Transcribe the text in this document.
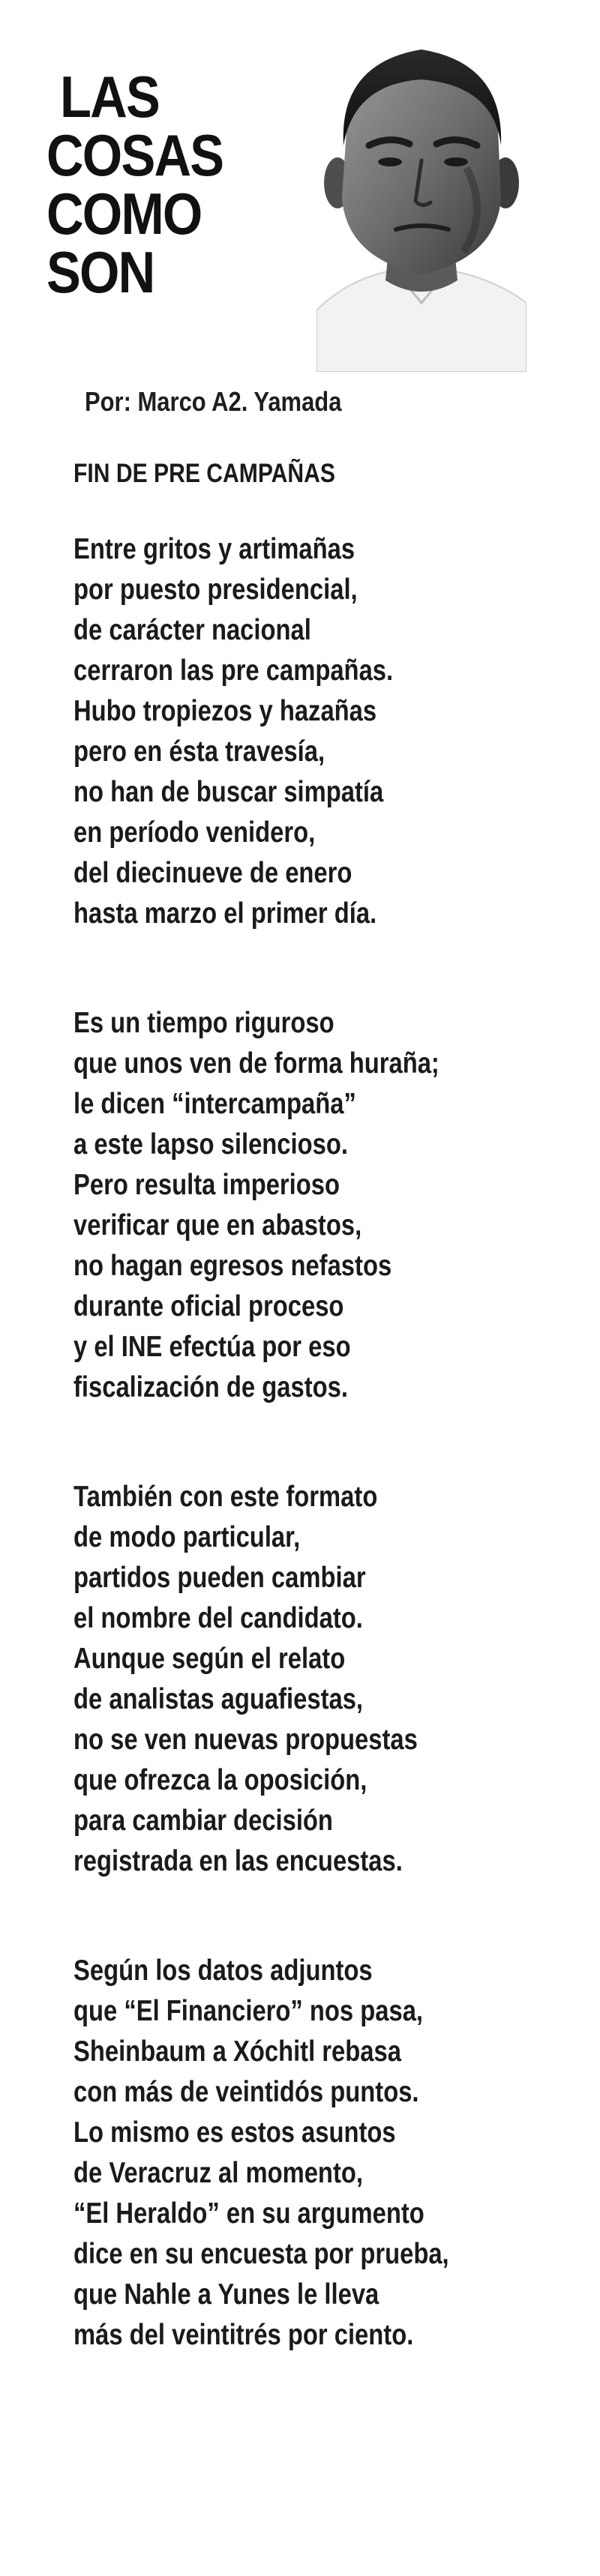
LAS
COSAS
COMO
SON
Por: Marco A2. Yamada
FIN DE PRE CAMPAÑAS
Entre gritos y artimañas
por puesto presidencial,
de carácter nacional
cerraron las pre campañas.
Hubo tropiezos y hazañas
pero en ésta travesía,
no han de buscar simpatía
en período venidero,
del diecinueve de enero
hasta marzo el primer día.
Es un tiempo riguroso
que unos ven de forma huraña;
le dicen “intercampaña”
a este lapso silencioso.
Pero resulta imperioso
verificar que en abastos,
no hagan egresos nefastos
durante oficial proceso
y el INE efectúa por eso
fiscalización de gastos.
También con este formato
de modo particular,
partidos pueden cambiar
el nombre del candidato.
Aunque según el relato
de analistas aguafiestas,
no se ven nuevas propuestas
que ofrezca la oposición,
para cambiar decisión
registrada en las encuestas.
Según los datos adjuntos
que “El Financiero” nos pasa,
Sheinbaum a Xóchitl rebasa
con más de veintidós puntos.
Lo mismo es estos asuntos
de Veracruz al momento,
“El Heraldo” en su argumento
dice en su encuesta por prueba,
que Nahle a Yunes le lleva
más del veintitrés por ciento.
